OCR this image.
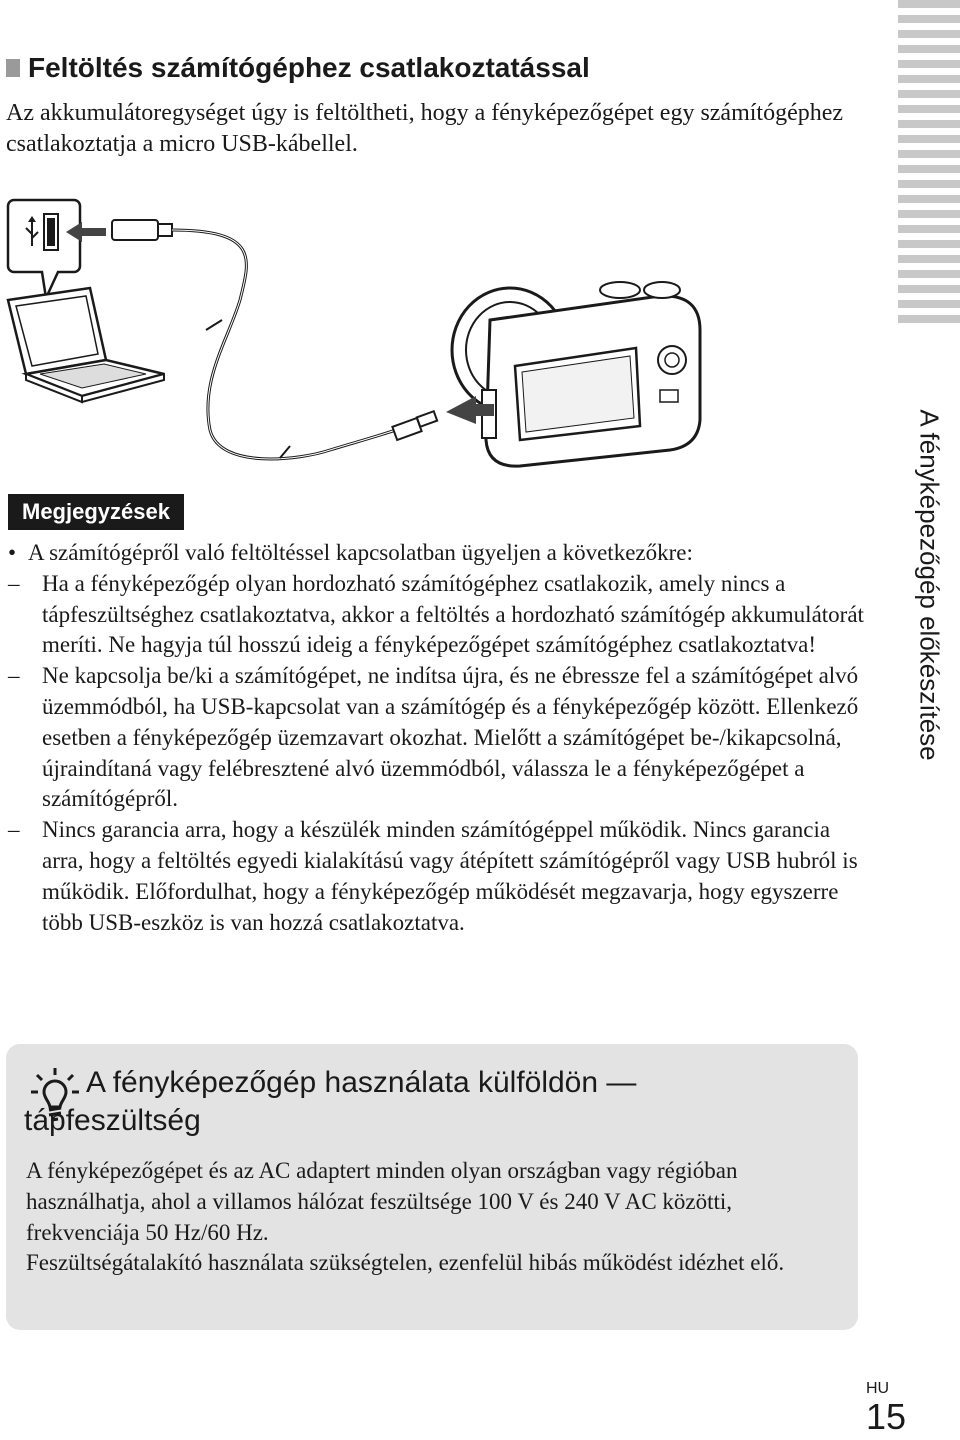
A fényképezőgép előkészítése
Feltöltés számítógéphez csatlakoztatással
Az akkumulátoregységet úgy is feltöltheti, hogy a fényképezőgépet egy számítógéphez csatlakoztatja a micro USB-kábellel.
Megjegyzések
• A számítógépről való feltöltéssel kapcsolatban ügyeljen a következőkre:
– Ha a fényképezőgép olyan hordozható számítógéphez csatlakozik, amely nincs a tápfeszültséghez csatlakoztatva, akkor a feltöltés a hordozható számítógép akkumulátorát meríti. Ne hagyja túl hosszú ideig a fényképezőgépet számítógéphez csatlakoztatva!
– Ne kapcsolja be/ki a számítógépet, ne indítsa újra, és ne ébressze fel a számítógépet alvó üzemmódból, ha USB-kapcsolat van a számítógép és a fényképezőgép között. Ellenkező esetben a fényképezőgép üzemzavart okozhat. Mielőtt a számítógépet be-/kikapcsolná, újraindítaná vagy felébresztené alvó üzemmódból, válassza le a fényképezőgépet a számítógépről.
– Nincs garancia arra, hogy a készülék minden számítógéppel működik. Nincs garancia arra, hogy a feltöltés egyedi kialakítású vagy átépített számítógépről vagy USB hubról is működik. Előfordulhat, hogy a fényképezőgép működését megzavarja, hogy egyszerre több USB-eszköz is van hozzá csatlakoztatva.
A fényképezőgép használata külföldön —
tápfeszültség
A fényképezőgépet és az AC adaptert minden olyan országban vagy régióban használhatja, ahol a villamos hálózat feszültsége 100 V és 240 V AC közötti, frekvenciája 50 Hz/60 Hz.
Feszültségátalakító használata szükségtelen, ezenfelül hibás működést idézhet elő.
HU
15
